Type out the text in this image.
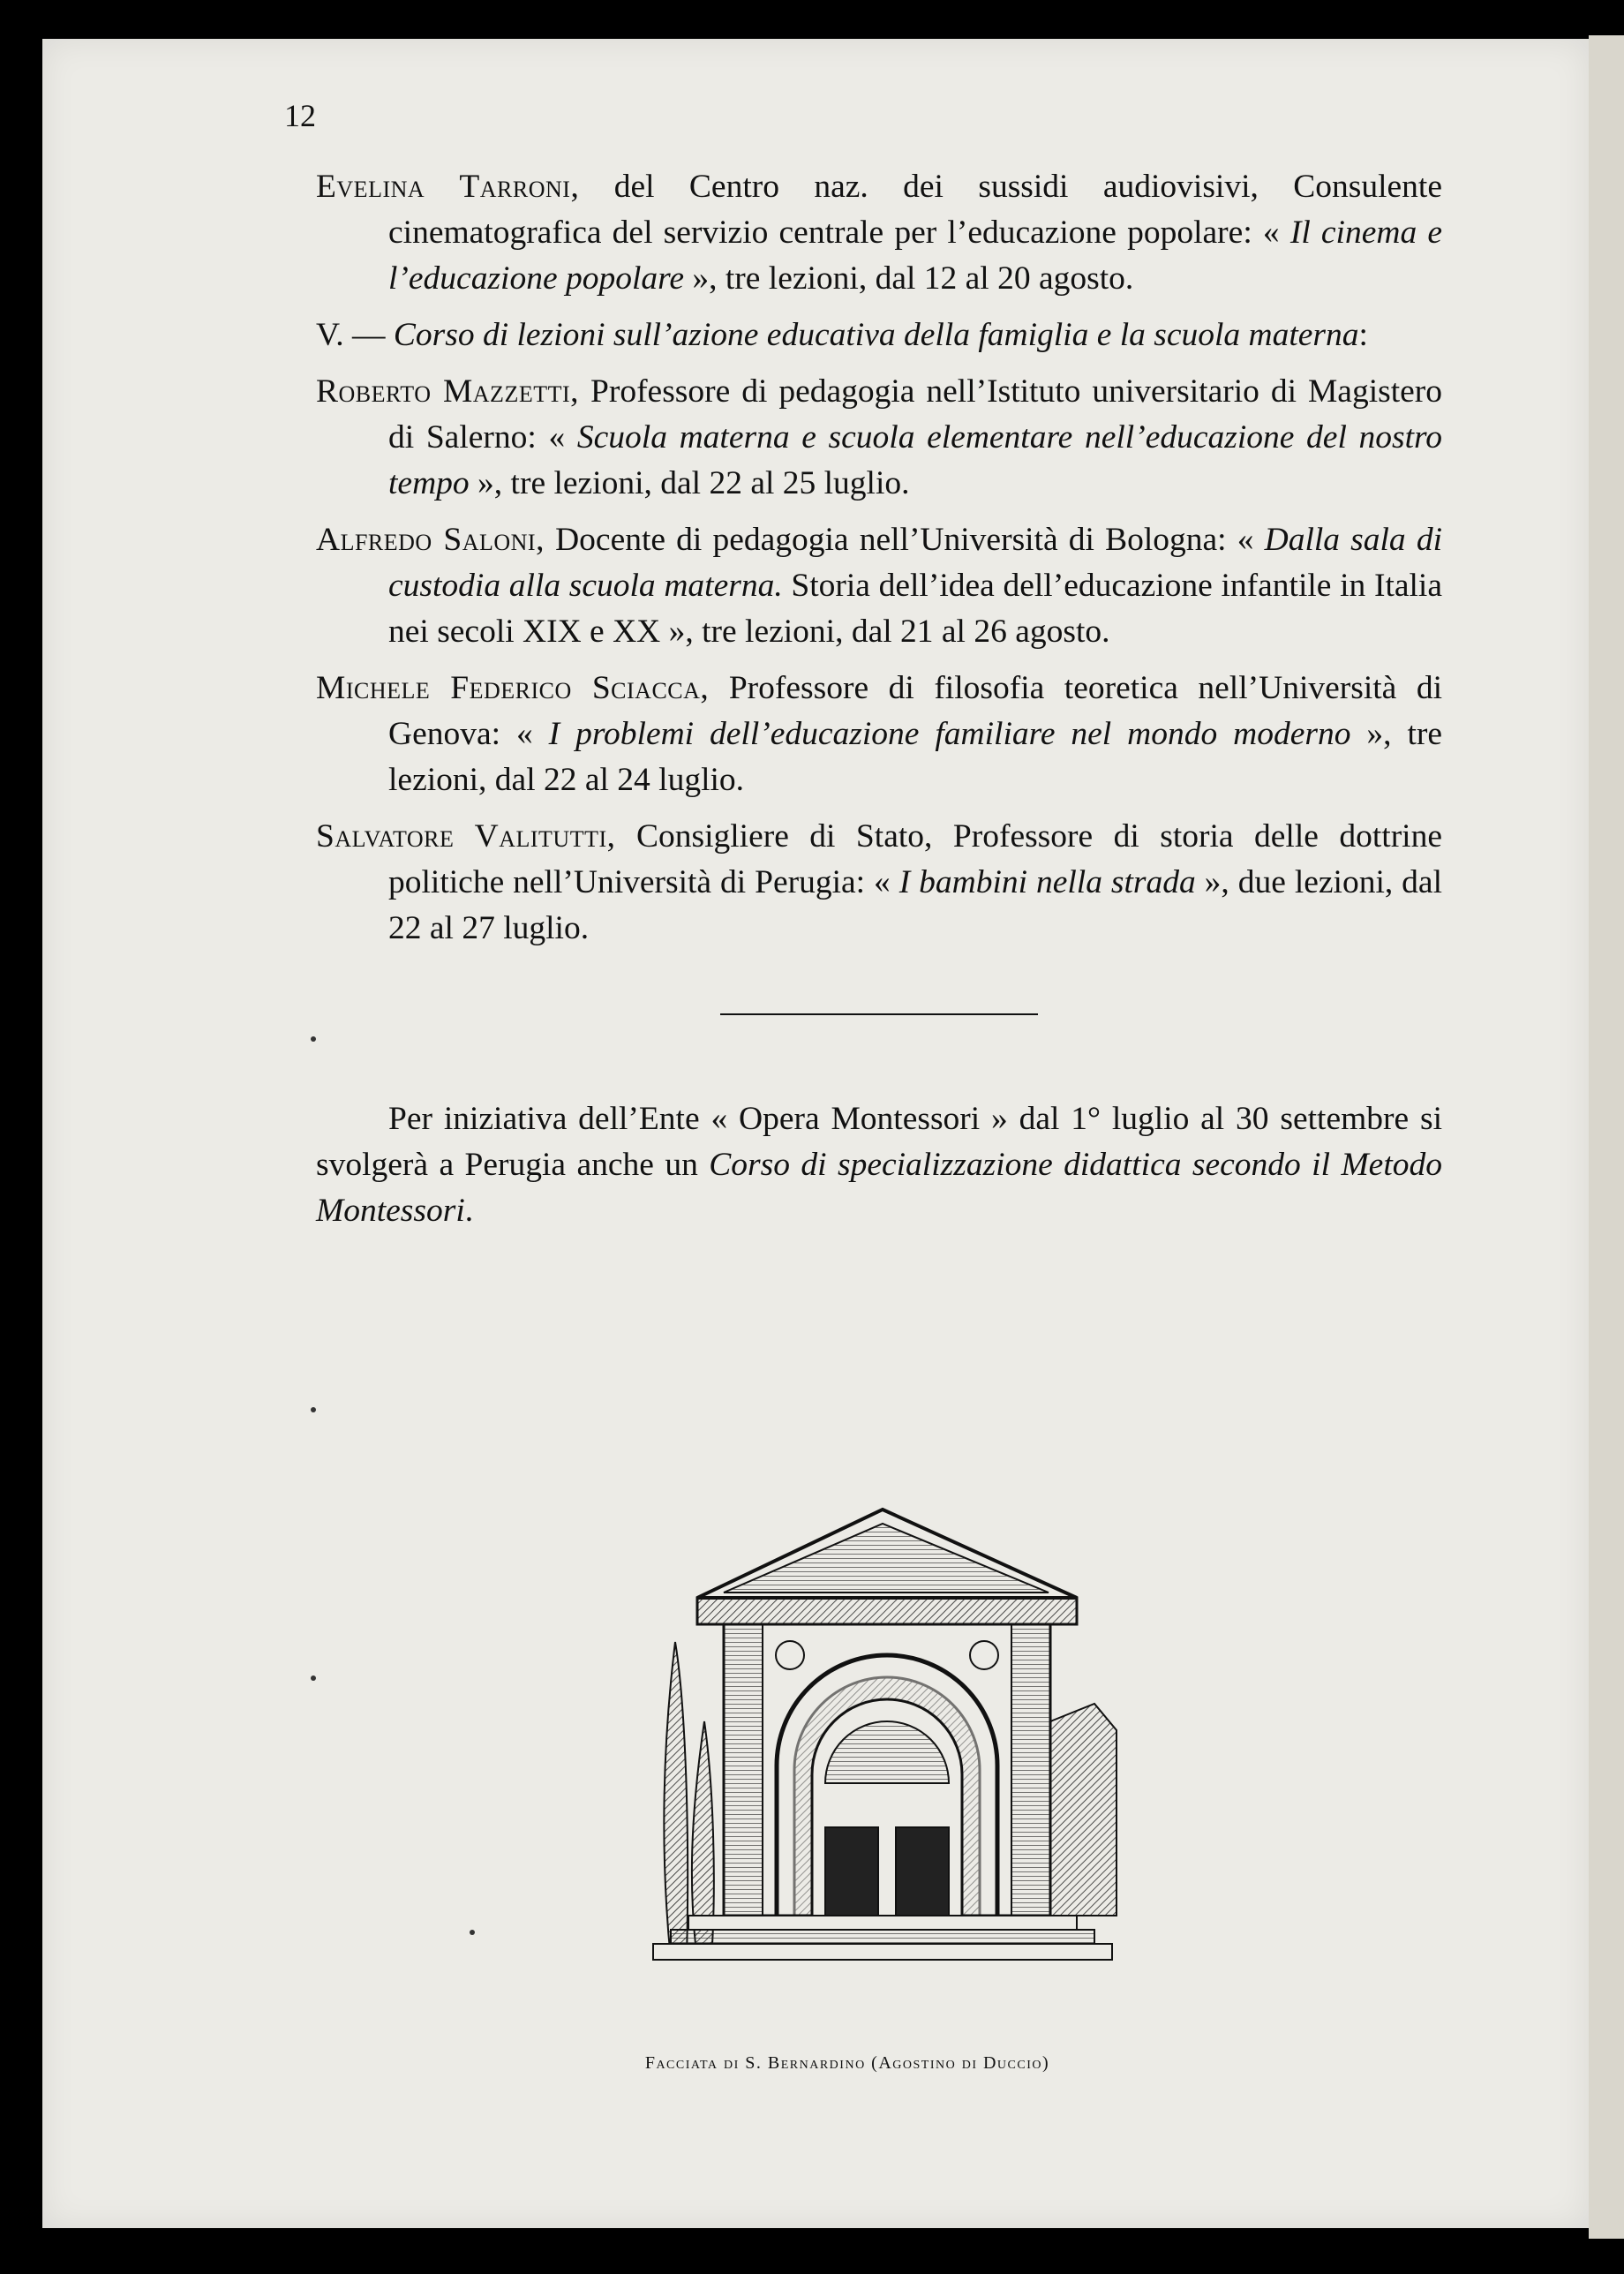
12

Evelina Tarroni, del Centro naz. dei sussidi audiovisivi, Consulente cinematografica del servizio centrale per l’educazione popolare: « Il cinema e l’educazione popolare », tre lezioni, dal 12 al 20 agosto.

V. — Corso di lezioni sull’azione educativa della famiglia e la scuola materna:

Roberto Mazzetti, Professore di pedagogia nell’Istituto universitario di Magistero di Salerno: « Scuola materna e scuola elementare nell’educazione del nostro tempo », tre lezioni, dal 22 al 25 luglio.

Alfredo Saloni, Docente di pedagogia nell’Università di Bologna: « Dalla sala di custodia alla scuola materna. Storia dell’idea dell’educazione infantile in Italia nei secoli XIX e XX », tre lezioni, dal 21 al 26 agosto.

Michele Federico Sciacca, Professore di filosofia teoretica nell’Università di Genova: « I problemi dell’educazione familiare nel mondo moderno », tre lezioni, dal 22 al 24 luglio.

Salvatore Valitutti, Consigliere di Stato, Professore di storia delle dottrine politiche nell’Università di Perugia: « I bambini nella strada », due lezioni, dal 22 al 27 luglio.

Per iniziativa dell’Ente « Opera Montessori » dal 1° luglio al 30 settembre si svolgerà a Perugia anche un Corso di specializzazione didattica secondo il Metodo Montessori.

Facciata di S. Bernardino (Agostino di Duccio)
